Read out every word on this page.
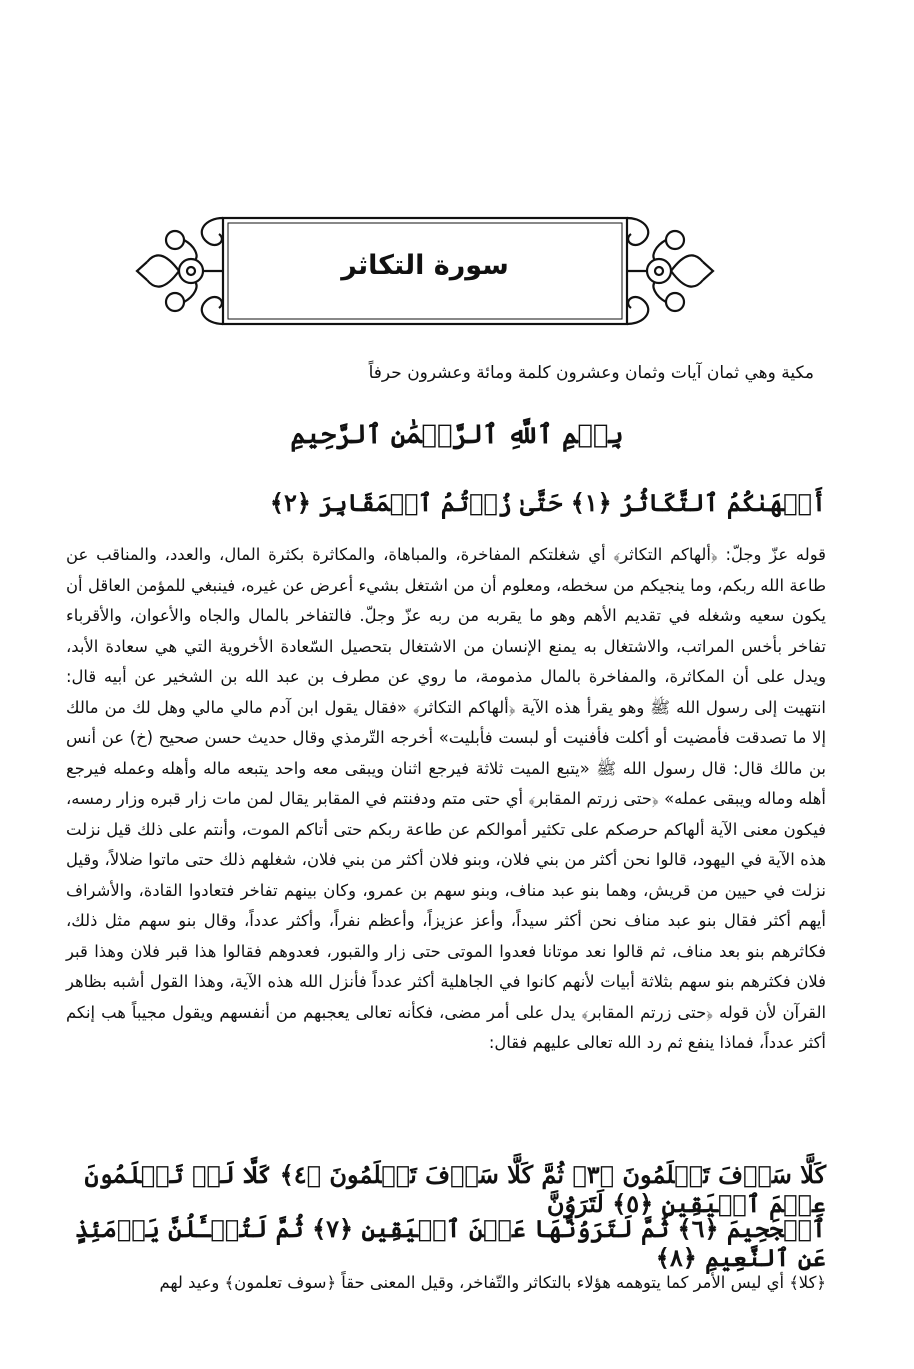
سورة التكاثر
مكية وهي ثمان آيات وثمان وعشرون كلمة ومائة وعشرون حرفاً
بِسۡمِ ٱللَّهِ ٱلرَّحۡمَٰنِ ٱلرَّحِيمِ
أَلۡهَىٰكُمُ ٱلتَّكَاثُرُ ﴿١﴾ حَتَّىٰ زُرۡتُمُ ٱلۡمَقَابِرَ ﴿٢﴾

قوله عزّ وجلّ: ﴿ألهاكم التكاثر﴾ أي شغلتكم المفاخرة، والمباهاة، والمكاثرة بكثرة المال، والعدد، والمناقب عن طاعة الله ربكم، وما ينجيكم من سخطه، ومعلوم أن من اشتغل بشيء أعرض عن غيره، فينبغي للمؤمن العاقل أن يكون سعيه وشغله في تقديم الأهم وهو ما يقربه من ربه عزّ وجلّ. فالتفاخر بالمال والجاه والأعوان، والأقرباء تفاخر بأخس المراتب، والاشتغال به يمنع الإنسان من الاشتغال بتحصيل السّعادة الأخروية التي هي سعادة الأبد، ويدل على أن المكاثرة، والمفاخرة بالمال مذمومة، ما روي عن مطرف بن عبد الله بن الشخير عن أبيه قال: انتهيت إلى رسول الله ﷺ وهو يقرأ هذه الآية ﴿ألهاكم التكاثر﴾ «فقال يقول ابن آدم مالي مالي وهل لك من مالك إلا ما تصدقت فأمضيت أو أكلت فأفنيت أو لبست فأبليت» أخرجه التّرمذي وقال حديث حسن صحيح (خ) عن أنس بن مالك قال: قال رسول الله ﷺ «يتبع الميت ثلاثة فيرجع اثنان ويبقى معه واحد يتبعه ماله وأهله وعمله فيرجع أهله وماله ويبقى عمله» ﴿حتى زرتم المقابر﴾ أي حتى متم ودفنتم في المقابر يقال لمن مات زار قبره وزار رمسه، فيكون معنى الآية ألهاكم حرصكم على تكثير أموالكم عن طاعة ربكم حتى أتاكم الموت، وأنتم على ذلك قيل نزلت هذه الآية في اليهود، قالوا نحن أكثر من بني فلان، وبنو فلان أكثر من بني فلان، شغلهم ذلك حتى ماتوا ضلالاً، وقيل نزلت في حيين من قريش، وهما بنو عبد مناف، وبنو سهم بن عمرو، وكان بينهم تفاخر فتعادوا القادة، والأشراف أيهم أكثر فقال بنو عبد مناف نحن أكثر سيداً، وأعز عزيزاً، وأعظم نفراً، وأكثر عدداً، وقال بنو سهم مثل ذلك، فكاثرهم بنو بعد مناف، ثم قالوا نعد موتانا فعدوا الموتى حتى زار والقبور، فعدوهم فقالوا هذا قبر فلان وهذا قبر فلان فكثرهم بنو سهم بثلاثة أبيات لأنهم كانوا في الجاهلية أكثر عدداً فأنزل الله هذه الآية، وهذا القول أشبه بظاهر القرآن لأن قوله ﴿حتى زرتم المقابر﴾ يدل على أمر مضى، فكأنه تعالى يعجبهم من أنفسهم ويقول مجيباً هب إنكم أكثر عدداً، فماذا ينفع ثم رد الله تعالى عليهم فقال:

كَلَّا سَوۡفَ تَعۡلَمُونَ ﴿٣﴾ ثُمَّ كَلَّا سَوۡفَ تَعۡلَمُونَ ﴿٤﴾ كَلَّا لَوۡ تَعۡلَمُونَ عِلۡمَ ٱلۡيَقِينِ ﴿٥﴾ لَتَرَوُنَّ
ٱلۡجَحِيمَ ﴿٦﴾ ثُمَّ لَتَرَوُنَّهَا عَيۡنَ ٱلۡيَقِينِ ﴿٧﴾ ثُمَّ لَتُسۡـَٔلُنَّ يَوۡمَئِذٍ عَنِ ٱلنَّعِيمِ ﴿٨﴾
﴿كلا﴾ أي ليس الأمر كما يتوهمه هؤلاء بالتكاثر والتّفاخر، وقيل المعنى حقاً ﴿سوف تعلمون﴾ وعيد لهم
